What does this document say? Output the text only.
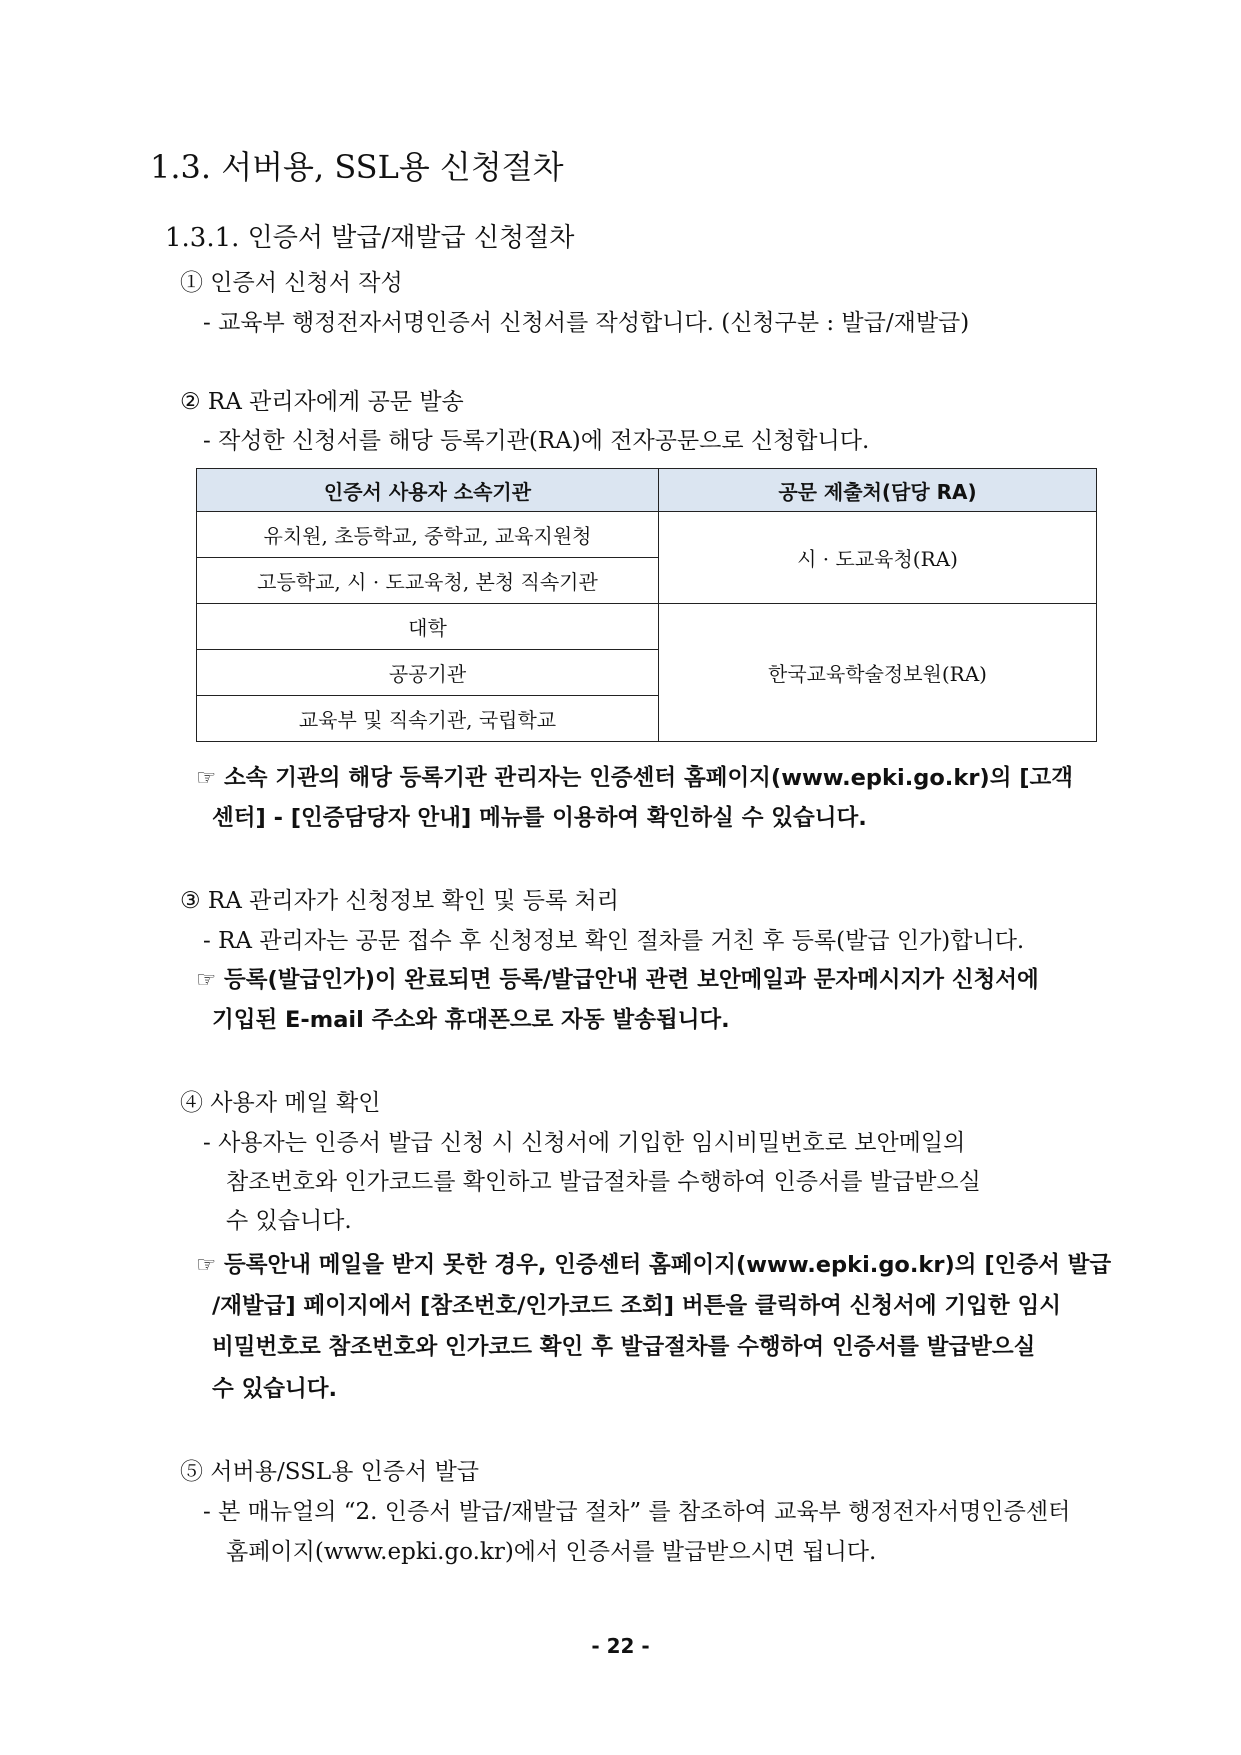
1.3. 서버용, SSL용 신청절차
1.3.1. 인증서 발급/재발급 신청절차
① 인증서 신청서 작성
- 교육부 행정전자서명인증서 신청서를 작성합니다. (신청구분 : 발급/재발급)
② RA 관리자에게 공문 발송
- 작성한 신청서를 해당 등록기관(RA)에 전자공문으로 신청합니다.
인증서 사용자 소속기관	공문 제출처(담당 RA)
유치원, 초등학교, 중학교, 교육지원청	시 · 도교육청(RA)
고등학교, 시 · 도교육청, 본청 직속기관	
대학	한국교육학술정보원(RA)
공공기관	
교육부 및 직속기관, 국립학교	
☞ 소속 기관의 해당 등록기관 관리자는 인증센터 홈페이지(www.epki.go.kr)의 [고객
센터] - [인증담당자 안내] 메뉴를 이용하여 확인하실 수 있습니다.
③ RA 관리자가 신청정보 확인 및 등록 처리
- RA 관리자는 공문 접수 후 신청정보 확인 절차를 거친 후 등록(발급 인가)합니다.
☞ 등록(발급인가)이 완료되면 등록/발급안내 관련 보안메일과 문자메시지가 신청서에
기입된 E-mail 주소와 휴대폰으로 자동 발송됩니다.
④ 사용자 메일 확인
- 사용자는 인증서 발급 신청 시 신청서에 기입한 임시비밀번호로 보안메일의
참조번호와 인가코드를 확인하고 발급절차를 수행하여 인증서를 발급받으실
수 있습니다.
☞ 등록안내 메일을 받지 못한 경우, 인증센터 홈페이지(www.epki.go.kr)의 [인증서 발급
/재발급] 페이지에서 [참조번호/인가코드 조회] 버튼을 클릭하여 신청서에 기입한 임시
비밀번호로 참조번호와 인가코드 확인 후 발급절차를 수행하여 인증서를 발급받으실
수 있습니다.
⑤ 서버용/SSL용 인증서 발급
- 본 매뉴얼의 “2. 인증서 발급/재발급 절차” 를 참조하여 교육부 행정전자서명인증센터
홈페이지(www.epki.go.kr)에서 인증서를 발급받으시면 됩니다.
- 22 -
